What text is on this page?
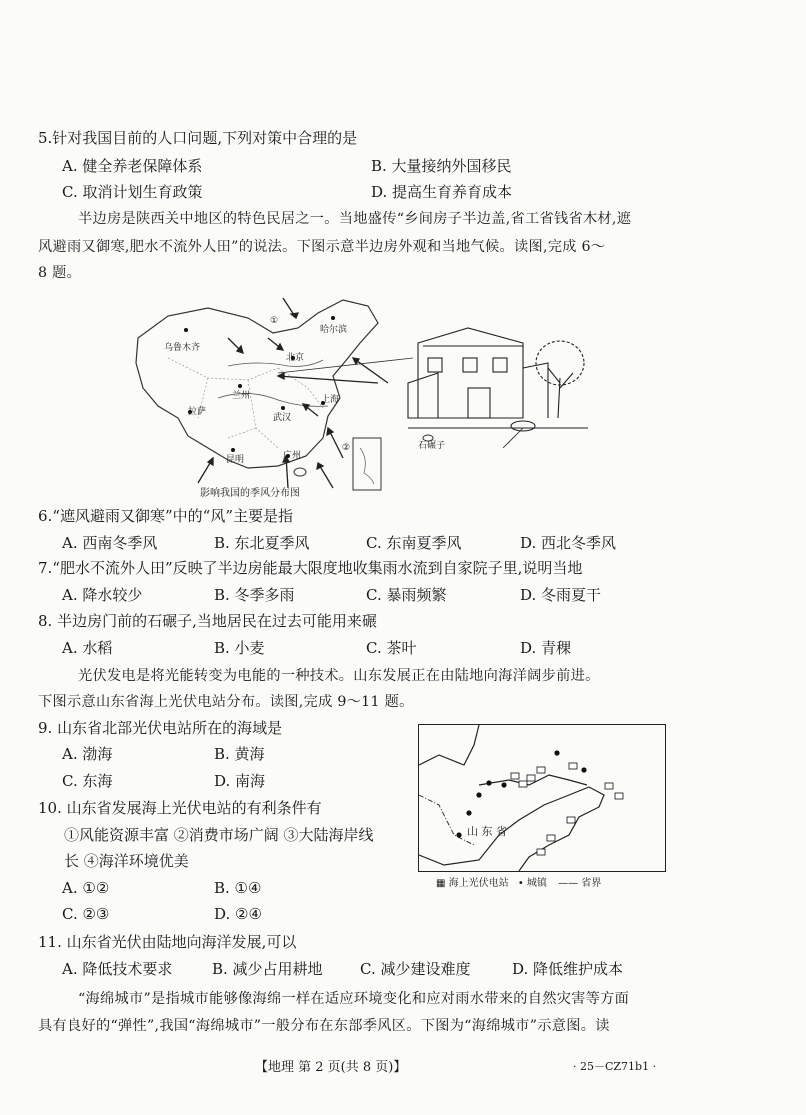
5.针对我国目前的人口问题,下列对策中合理的是
A. 健全养老保障体系	B. 大量接纳外国移民
C. 取消计划生育政策	D. 提高生育养育成本
半边房是陕西关中地区的特色民居之一。当地盛传“乡间房子半边盖,省工省钱省木材,遮
风避雨又御寒,肥水不流外人田”的说法。下图示意半边房外观和当地气候。读图,完成 6～
8 题。
乌鲁木齐
哈尔滨
北京
兰州
拉萨
武汉
上海
昆明	广州
①
②	石碾子
影响我国的季风分布图
6.“遮风避雨又御寒”中的“风”主要是指
A. 西南冬季风	B. 东北夏季风	C. 东南夏季风	D. 西北冬季风
7.“肥水不流外人田”反映了半边房能最大限度地收集雨水流到自家院子里,说明当地
A. 降水较少	B. 冬季多雨	C. 暴雨频繁	D. 冬雨夏干
8. 半边房门前的石碾子,当地居民在过去可能用来碾
A. 水稻	B. 小麦	C. 茶叶	D. 青稞
光伏发电是将光能转变为电能的一种技术。山东发展正在由陆地向海洋阔步前进。
下图示意山东省海上光伏电站分布。读图,完成 9～11 题。
9. 山东省北部光伏电站所在的海域是
A. 渤海	B. 黄海
C. 东海	D. 南海
10. 山东省发展海上光伏电站的有利条件有
①风能资源丰富 ②消费市场广阔 ③大陆海岸线
长 ④海洋环境优美
A. ①②	B. ①④
C. ②③	D. ②④
山 东 省
▦ 海上光伏电站 • 城镇 —— 省界
11. 山东省光伏由陆地向海洋发展,可以
A. 降低技术要求	B. 减少占用耕地 C. 减少建设难度	D. 降低维护成本
“海绵城市”是指城市能够像海绵一样在适应环境变化和应对雨水带来的自然灾害等方面
具有良好的“弹性”,我国“海绵城市”一般分布在东部季风区。下图为“海绵城市”示意图。读
【地理 第 2 页(共 8 页)】	· 25－CZ71b1 ·
